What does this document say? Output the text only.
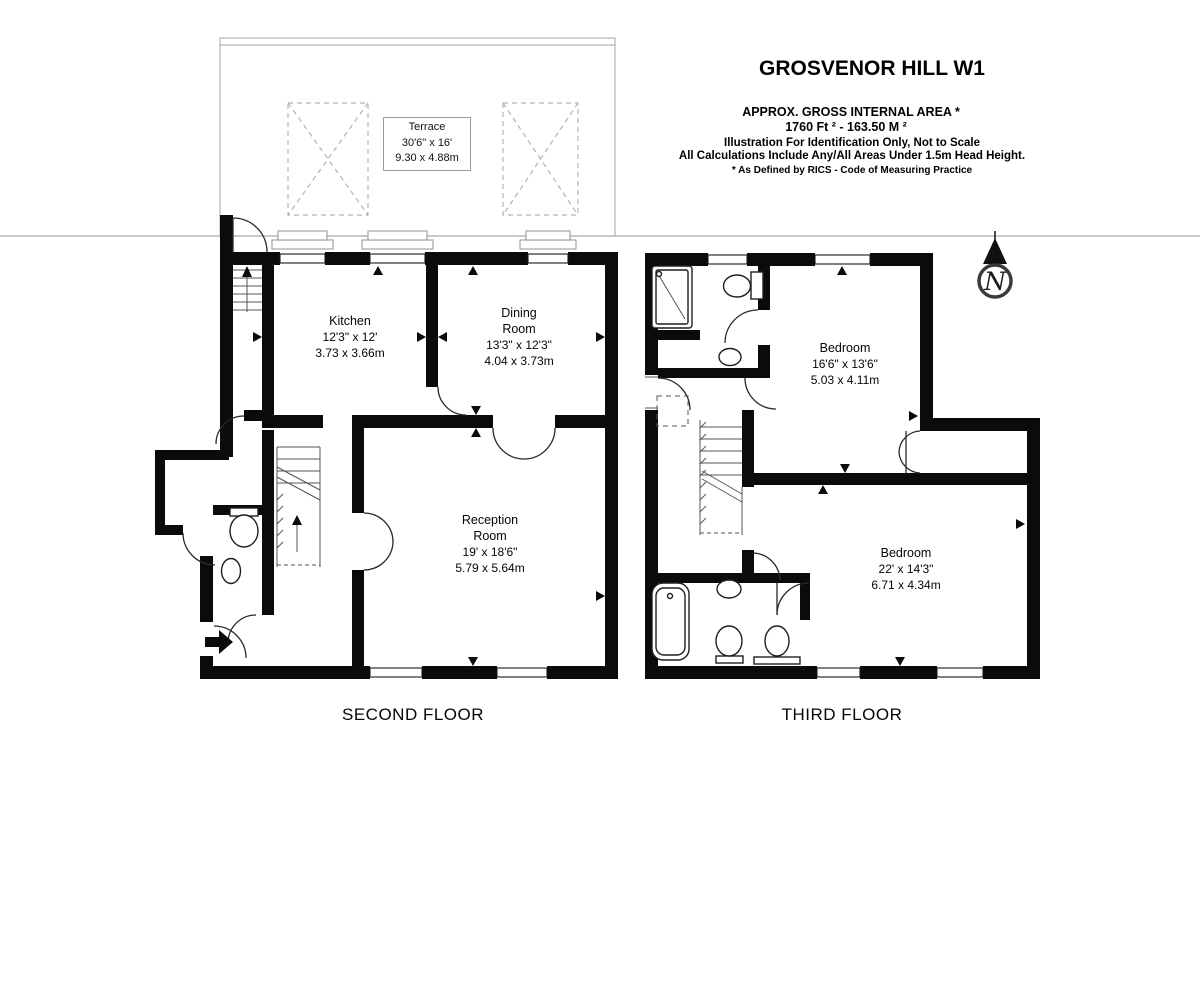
N
Terrace
30'6" x 16'
9.30 x 4.88m
Kitchen
12'3" x 12'
3.73 x 3.66m
Dining
Room
13'3" x 12'3"
4.04 x 3.73m
Reception
Room
19' x 18'6"
5.79 x 5.64m
Bedroom
16'6" x 13'6"
5.03 x 4.11m
Bedroom
22' x 14'3"
6.71 x 4.34m
SECOND FLOOR	THIRD FLOOR
GROSVENOR HILL W1
APPROX. GROSS INTERNAL AREA *
1760 Ft ² - 163.50 M ²
Illustration For Identification Only, Not to Scale
All Calculations Include Any/All Areas Under 1.5m Head Height.
* As Defined by RICS - Code of Measuring Practice
